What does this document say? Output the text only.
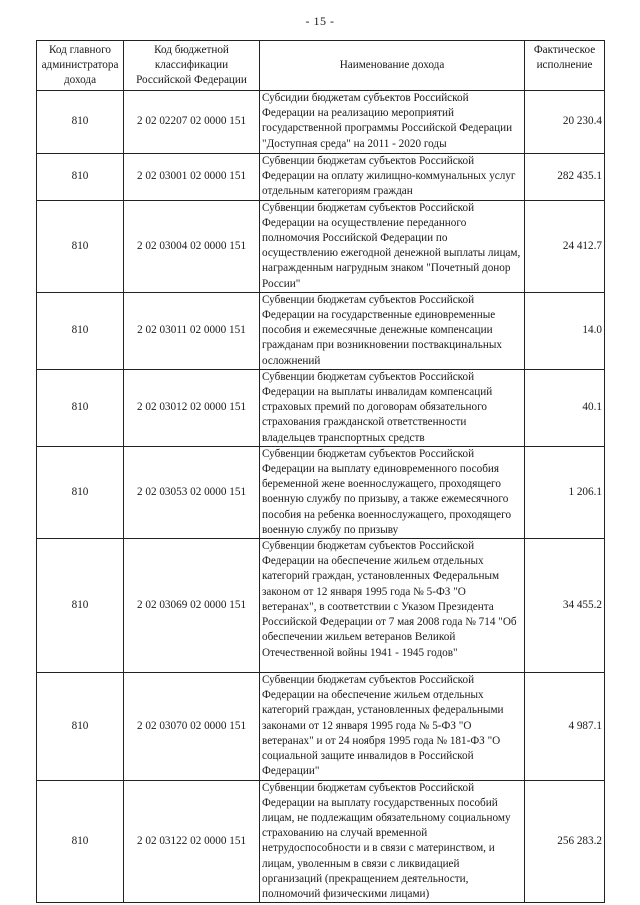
- 15 -
Код главного администратора дохода	Код бюджетной классификации Российской Федерации	Наименование дохода	Фактическое исполнение
810	2 02 02207 02 0000 151	Субсидии бюджетам субъектов Российской Федерации на реализацию мероприятий государственной программы Российской Федерации "Доступная среда" на 2011 - 2020 годы	20 230.4
810	2 02 03001 02 0000 151	Субвенции бюджетам субъектов Российской Федерации на оплату жилищно-коммунальных услуг отдельным категориям граждан	282 435.1
810	2 02 03004 02 0000 151	Субвенции бюджетам субъектов Российской Федерации на осуществление переданного полномочия Российской Федерации по осуществлению ежегодной денежной выплаты лицам, награжденным нагрудным знаком "Почетный донор России"	24 412.7
810	2 02 03011 02 0000 151	Субвенции бюджетам субъектов Российской Федерации на государственные единовременные пособия и ежемесячные денежные компенсации гражданам при возникновении поствакцинальных осложнений	14.0
810	2 02 03012 02 0000 151	Субвенции бюджетам субъектов Российской Федерации на выплаты инвалидам компенсаций страховых премий по договорам обязательного страхования гражданской ответственности владельцев транспортных средств	40.1
810	2 02 03053 02 0000 151	Субвенции бюджетам субъектов Российской Федерации на выплату единовременного пособия беременной жене военнослужащего, проходящего военную службу по призыву, а также ежемесячного пособия на ребенка военнослужащего, проходящего военную службу по призыву	1 206.1
810	2 02 03069 02 0000 151	Субвенции бюджетам субъектов Российской Федерации на обеспечение жильем отдельных категорий граждан, установленных Федеральным законом от 12 января 1995 года № 5-ФЗ "О ветеранах", в соответствии с Указом Президента Российской Федерации от 7 мая 2008 года № 714 "Об обеспечении жильем ветеранов Великой Отечественной войны 1941 - 1945 годов"	34 455.2
810	2 02 03070 02 0000 151	Субвенции бюджетам субъектов Российской Федерации на обеспечение жильем отдельных категорий граждан, установленных федеральными законами от 12 января 1995 года № 5-ФЗ "О ветеранах" и от 24 ноября 1995 года № 181-ФЗ "О социальной защите инвалидов в Российской Федерации"	4 987.1
810	2 02 03122 02 0000 151	Субвенции бюджетам субъектов Российской Федерации на выплату государственных пособий лицам, не подлежащим обязательному социальному страхованию на случай временной нетрудоспособности и в связи с материнством, и лицам, уволенным в связи с ликвидацией организаций (прекращением деятельности, полномочий физическими лицами)	256 283.2
